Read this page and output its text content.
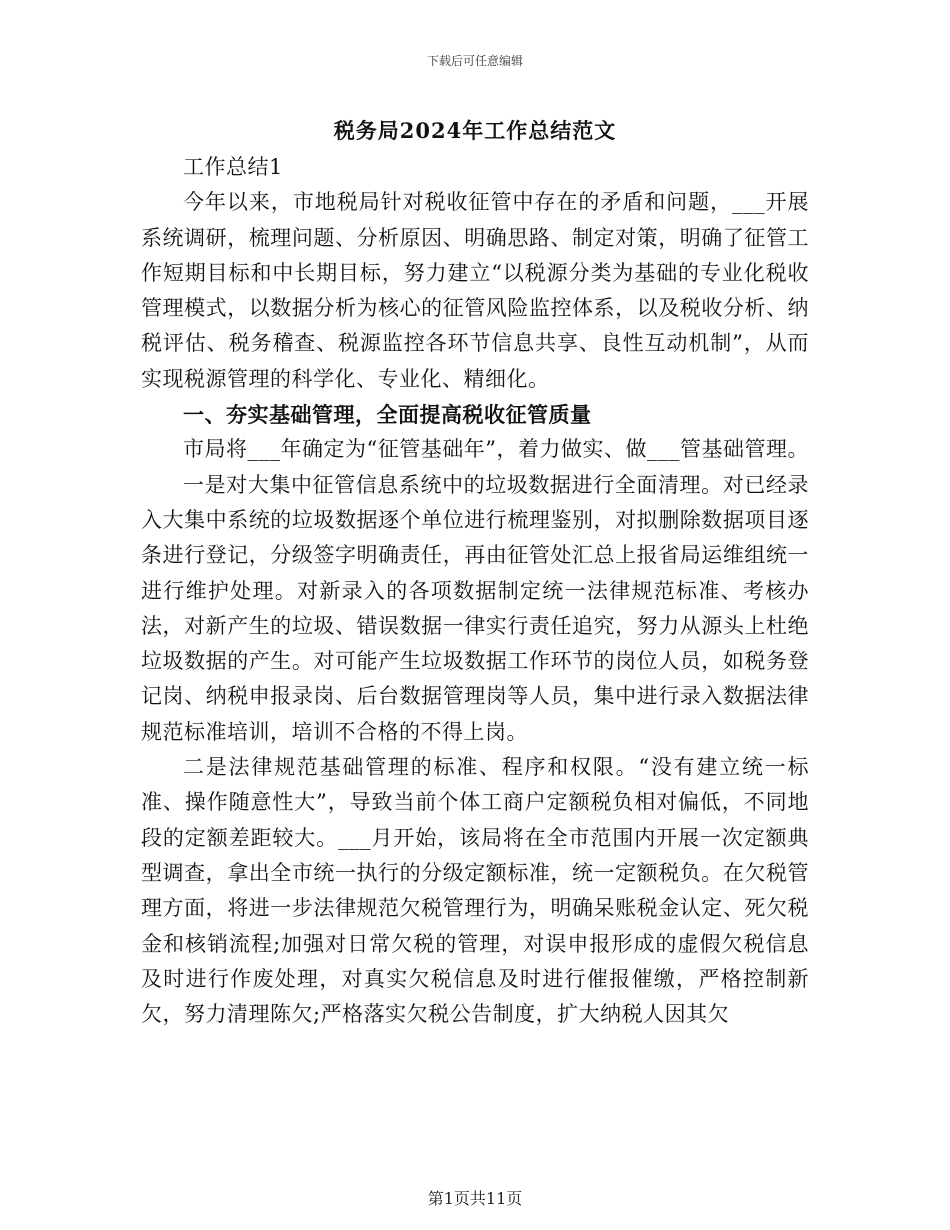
下载后可任意编辑
税务局2024年工作总结范文

工作总结1

今年以来，市地税局针对税收征管中存在的矛盾和问题，___开展系统调研，梳理问题、分析原因、明确思路、制定对策，明确了征管工作短期目标和中长期目标，努力建立“以税源分类为基础的专业化税收管理模式，以数据分析为核心的征管风险监控体系，以及税收分析、纳税评估、税务稽查、税源监控各环节信息共享、良性互动机制”，从而实现税源管理的科学化、专业化、精细化。

一、夯实基础管理，全面提高税收征管质量

市局将___年确定为“征管基础年”，着力做实、做___管基础管理。

一是对大集中征管信息系统中的垃圾数据进行全面清理。对已经录入大集中系统的垃圾数据逐个单位进行梳理鉴别，对拟删除数据项目逐条进行登记，分级签字明确责任，再由征管处汇总上报省局运维组统一进行维护处理。对新录入的各项数据制定统一法律规范标准、考核办法，对新产生的垃圾、错误数据一律实行责任追究，努力从源头上杜绝垃圾数据的产生。对可能产生垃圾数据工作环节的岗位人员，如税务登记岗、纳税申报录岗、后台数据管理岗等人员，集中进行录入数据法律规范标准培训，培训不合格的不得上岗。

二是法律规范基础管理的标准、程序和权限。“没有建立统一标准、操作随意性大”，导致当前个体工商户定额税负相对偏低，不同地段的定额差距较大。___月开始，该局将在全市范围内开展一次定额典型调查，拿出全市统一执行的分级定额标准，统一定额税负。在欠税管理方面，将进一步法律规范欠税管理行为，明确呆账税金认定、死欠税金和核销流程;加强对日常欠税的管理，对误申报形成的虚假欠税信息及时进行作废处理，对真实欠税信息及时进行催报催缴，严格控制新欠，努力清理陈欠;严格落实欠税公告制度，扩大纳税人因其欠

第1页共11页
